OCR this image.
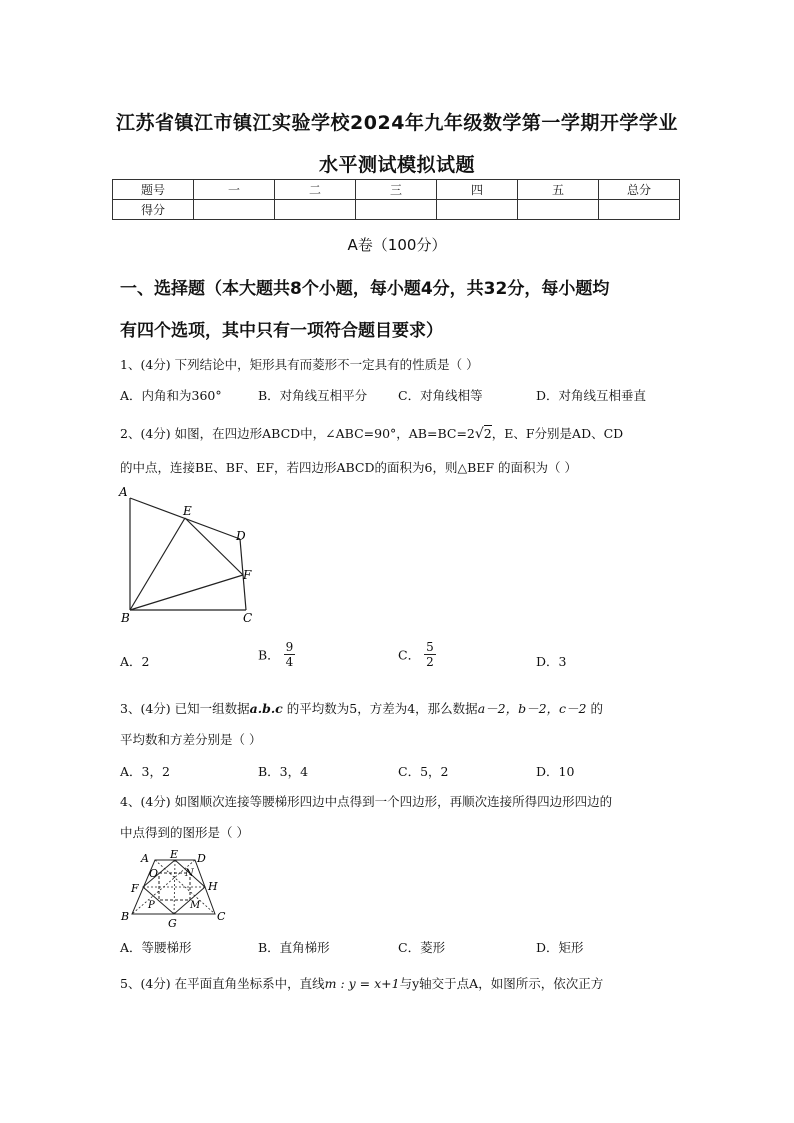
江苏省镇江市镇江实验学校2024年九年级数学第一学期开学学业
水平测试模拟试题
题号	一	二	三	四	五	总分
得分						
A卷（100分）
一、选择题（本大题共8个小题，每小题4分，共32分，每小题均
有四个选项，其中只有一项符合题目要求）
1、(4分) 下列结论中，矩形具有而菱形不一定具有的性质是（ ）
A．内角和为360°	B．对角线互相平分 C．对角线相等	D．对角线互相垂直
2、(4分) 如图，在四边形ABCD中，∠ABC=90°，AB=BC=2√2，E、F分别是AD、CD
的中点，连接BE、BF、EF，若四边形ABCD的面积为6，则△BEF 的面积为（ ）
A
E
D
F
B	C
A．2	B． $\frac{9}{4}$	C． $\frac{5}{2}$	D．3
3、(4分) 已知一组数据a.b.c 的平均数为5，方差为4，那么数据a－2，b－2，c－2 的
平均数和方差分别是（ ）
A．3，2	B．3，4	C．5，2	D．10
4、(4分) 如图顺次连接等腰梯形四边中点得到一个四边形，再顺次连接所得四边形四边的
中点得到的图形是（ ）
A E D
O	N
F	H
P	M
B
G
C
A．等腰梯形	B．直角梯形	C．菱形	D．矩形
5、(4分) 在平面直角坐标系中，直线m : y = x+1与y轴交于点A，如图所示，依次正方
